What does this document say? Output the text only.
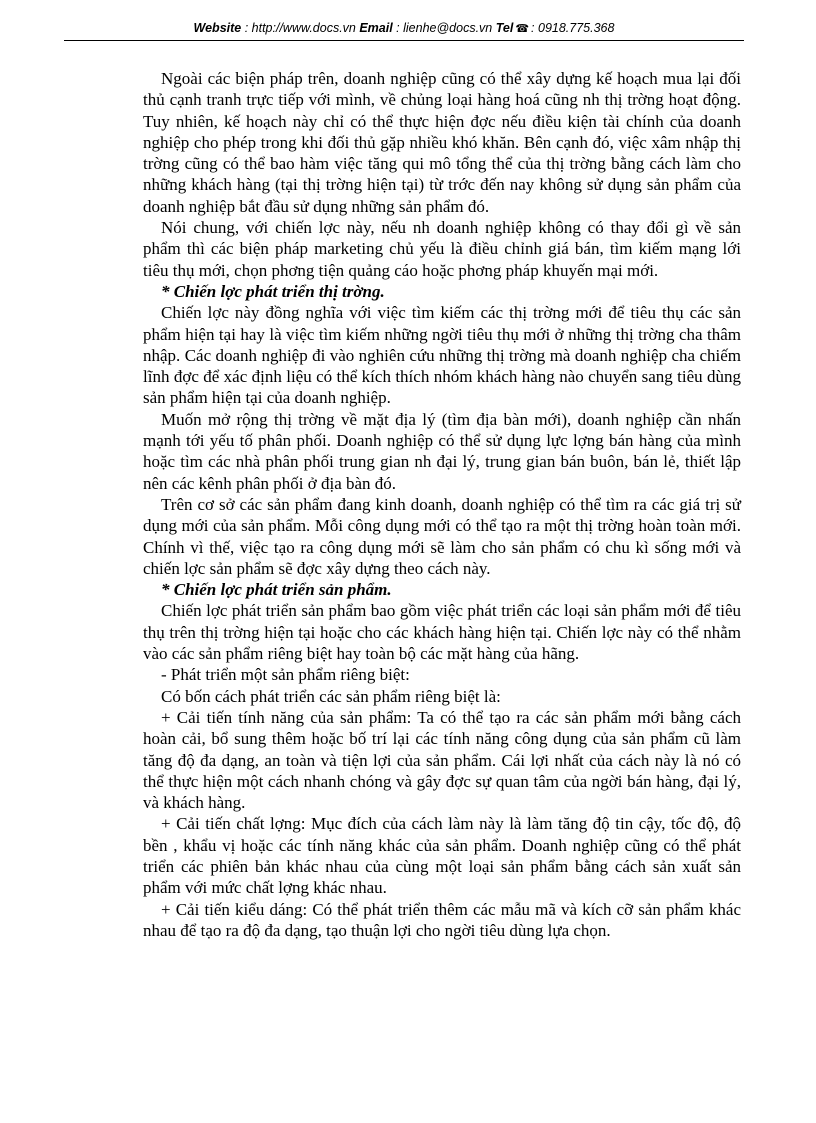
Website : http://www.docs.vn Email : lienhe@docs.vn Tel ☎ : 0918.775.368

Ngoài các biện pháp trên, doanh nghiệp cũng có thể xây dựng kế hoạch mua lại đối thủ cạnh tranh trực tiếp với mình, về chủng loại hàng hoá cũng nh thị trờng hoạt động. Tuy nhiên, kế hoạch này chỉ có thể thực hiện đợc nếu điều kiện tài chính của doanh nghiệp cho phép trong khi đối thủ gặp nhiều khó khăn. Bên cạnh đó, việc xâm nhập thị trờng cũng có thể bao hàm việc tăng qui mô tổng thể của thị trờng bằng cách làm cho những khách hàng (tại thị trờng hiện tại) từ trớc đến nay không sử dụng sản phẩm của doanh nghiệp bắt đầu sử dụng những sản phẩm đó.

Nói chung, với chiến lợc này, nếu nh doanh nghiệp không có thay đổi gì về sản phẩm thì các biện pháp marketing chủ yếu là điều chỉnh giá bán, tìm kiếm mạng lới tiêu thụ mới, chọn phơng tiện quảng cáo hoặc phơng pháp khuyến mại mới.

* Chiến lợc phát triển thị trờng.

Chiến lợc này đồng nghĩa với việc tìm kiếm các thị trờng mới để tiêu thụ các sản phẩm hiện tại hay là việc tìm kiếm những ngời tiêu thụ mới ở những thị trờng cha thâm nhập. Các doanh nghiệp đi vào nghiên cứu những thị trờng mà doanh nghiệp cha chiếm lĩnh đợc để xác định liệu có thể kích thích nhóm khách hàng nào chuyển sang tiêu dùng sản phẩm hiện tại của doanh nghiệp.

Muốn mở rộng thị trờng về mặt địa lý (tìm địa bàn mới), doanh nghiệp cần nhấn mạnh tới yếu tố phân phối. Doanh nghiệp có thể sử dụng lực lợng bán hàng của mình hoặc tìm các nhà phân phối trung gian nh đại lý, trung gian bán buôn, bán lẻ, thiết lập nên các kênh phân phối ở địa bàn đó.

Trên cơ sở các sản phẩm đang kinh doanh, doanh nghiệp có thể tìm ra các giá trị sử dụng mới của sản phẩm. Mỗi công dụng mới có thể tạo ra một thị trờng hoàn toàn mới. Chính vì thế, việc tạo ra công dụng mới sẽ làm cho sản phẩm có chu kì sống mới và chiến lợc sản phẩm sẽ đợc xây dựng theo cách này.

* Chiến lợc phát triển sản phẩm.

Chiến lợc phát triển sản phẩm bao gồm việc phát triển các loại sản phẩm mới để tiêu thụ trên thị trờng hiện tại hoặc cho các khách hàng hiện tại. Chiến lợc này có thể nhằm vào các sản phẩm riêng biệt hay toàn bộ các mặt hàng của hãng.

- Phát triển một sản phẩm riêng biệt:

Có bốn cách phát triển các sản phẩm riêng biệt là:

+ Cải tiến tính năng của sản phẩm: Ta có thể tạo ra các sản phẩm mới bằng cách hoàn cải, bổ sung thêm hoặc bố trí lại các tính năng công dụng của sản phẩm cũ làm tăng độ đa dạng, an toàn và tiện lợi của sản phẩm. Cái lợi nhất của cách này là nó có thể thực hiện một cách nhanh chóng và gây đợc sự quan tâm của ngời bán hàng, đại lý, và khách hàng.

+ Cải tiến chất lợng: Mục đích của cách làm này là làm tăng độ tin cậy, tốc độ, độ bền , khẩu vị hoặc các tính năng khác của sản phẩm. Doanh nghiệp cũng có thể phát triển các phiên bản khác nhau của cùng một loại sản phẩm bằng cách sản xuất sản phẩm với mức chất lợng khác nhau.

+ Cải tiến kiểu dáng: Có thể phát triển thêm các mẫu mã và kích cỡ sản phẩm khác nhau để tạo ra độ đa dạng, tạo thuận lợi cho ngời tiêu dùng lựa chọn.
